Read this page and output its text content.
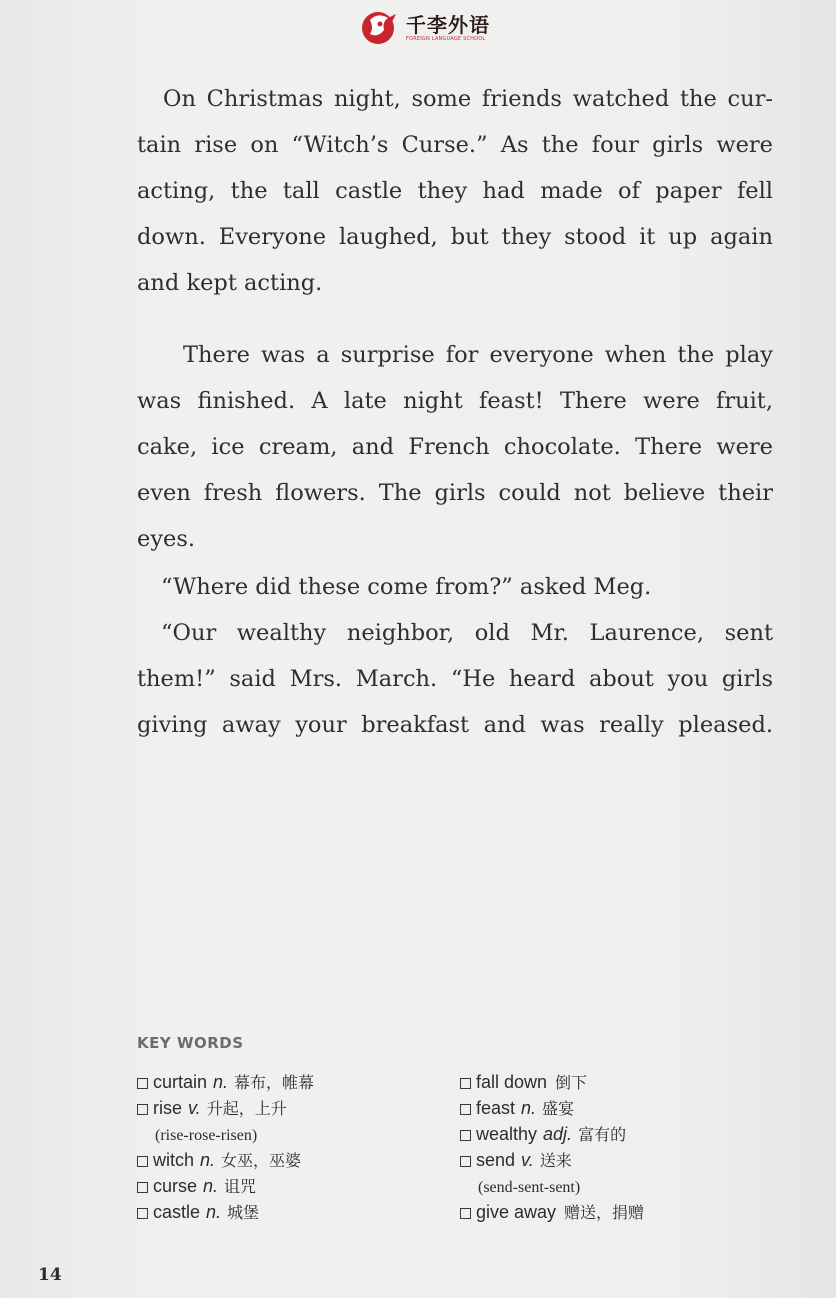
千李外语
FOREIGN LANGUAGE SCHOOL
On Christmas night, some friends watched the cur-
tain rise on “Witch’s Curse.” As the four girls were
acting, the tall castle they had made of paper fell
down. Everyone laughed, but they stood it up again
and kept acting.
There was a surprise for everyone when the play
was finished. A late night feast! There were fruit,
cake, ice cream, and French chocolate. There were
even fresh flowers. The girls could not believe their
eyes.
“Where did these come from?” asked Meg.
“Our wealthy neighbor, old Mr. Laurence, sent
them!” said Mrs. March. “He heard about you girls
giving away your breakfast and was really pleased.
KEY WORDS
curtain n. 幕布，帷幕
rise v. 升起，上升
(rise-rose-risen)
witch n. 女巫，巫婆
curse n. 诅咒
castle n. 城堡
fall down 倒下
feast n. 盛宴
wealthy adj. 富有的
send v. 送来
(send-sent-sent)
give away 赠送，捐赠
14
